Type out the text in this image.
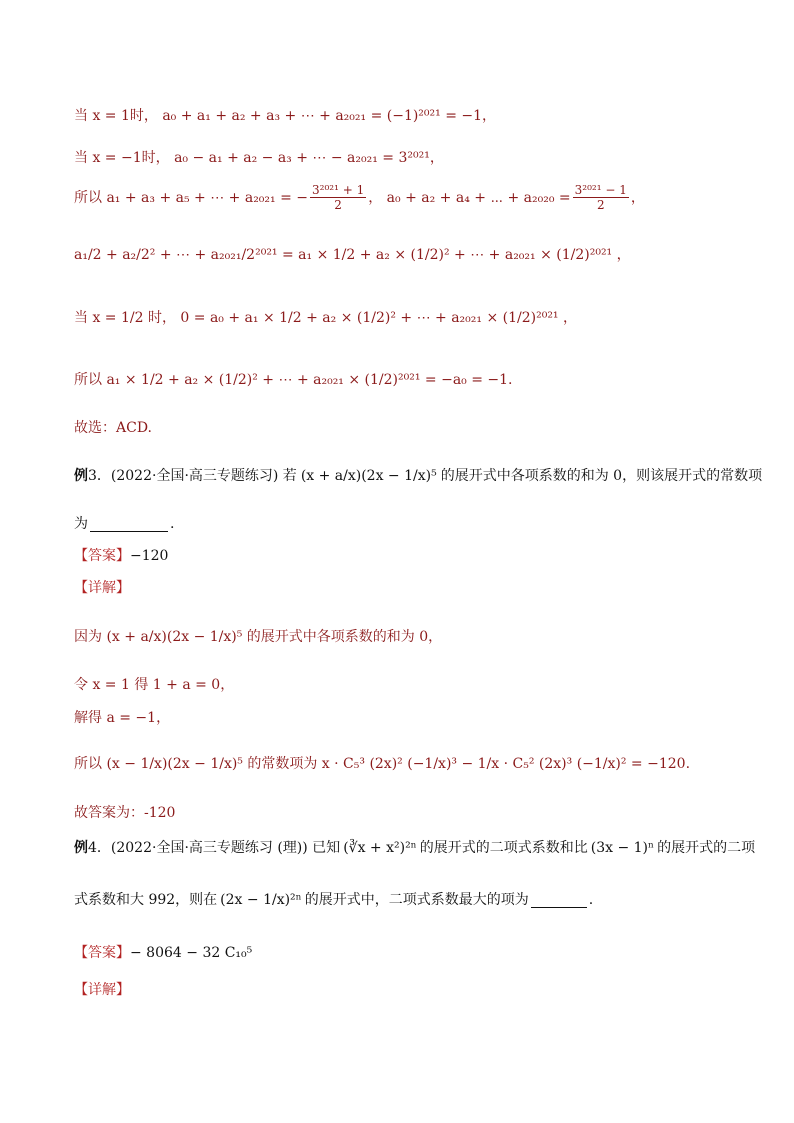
当 x = 1时， a₀ + a₁ + a₂ + a₃ + ⋯ + a₂₀₂₁ = (−1)²⁰²¹ = −1，
当 x = −1时， a₀ − a₁ + a₂ − a₃ + ⋯ − a₂₀₂₁ = 3²⁰²¹，
所以 a₁ + a₃ + a₅ + ⋯ + a₂₀₂₁ = − $\frac{\text{3²⁰²¹ + 1}}{2}$ ， a₀ + a₂ + a₄ + ⋯ + $a_{2020} = \frac{\text{3²⁰²¹ − 1}}{2}$ ，
a₁/2 + a₂/2² + ⋯ + a₂₀₂₁/2²⁰²¹ = a₁ × 1/2 + a₂ × (1/2)² + ⋯ + a₂₀₂₁ × (1/2)²⁰²¹ ，
当 x = 1/2 时， 0 = a₀ + a₁ × 1/2 + a₂ × (1/2)² + ⋯ + a₂₀₂₁ × (1/2)²⁰²¹ ，
所以 a₁ × 1/2 + a₂ × (1/2)² + ⋯ + a₂₀₂₁ × (1/2)²⁰²¹ = −a₀ = −1.
故选：ACD.
例 3．(2022·全国·高三专题练习) 若 (x + a/x)(2x − 1/x)⁵ 的展开式中各项系数的和为 0，则该展开式的常数项
为	.
【答案】 −120
【详解】
因为 (x + a/x)(2x − 1/x)⁵ 的展开式中各项系数的和为 0，
令 x = 1 得 1 + a = 0，
解得 a = −1，
所以 (x − 1/x)(2x − 1/x)⁵ 的常数项为 x · C₅³ (2x)² (−1/x)³ − 1/x · C₅² (2x)³ (−1/x)² = −120.
故答案为：-120
例 4．(2022·全国·高三专题练习 (理)) 已知 (∛x + x²)²ⁿ 的展开式的二项式系数和比 (3x − 1)ⁿ 的展开式的二项
式系数和大 992，则在 (2x − 1/x)²ⁿ 的展开式中，二项式系数最大的项为	.
【答案】 − 8064 − 32 C₁₀⁵
【详解】
